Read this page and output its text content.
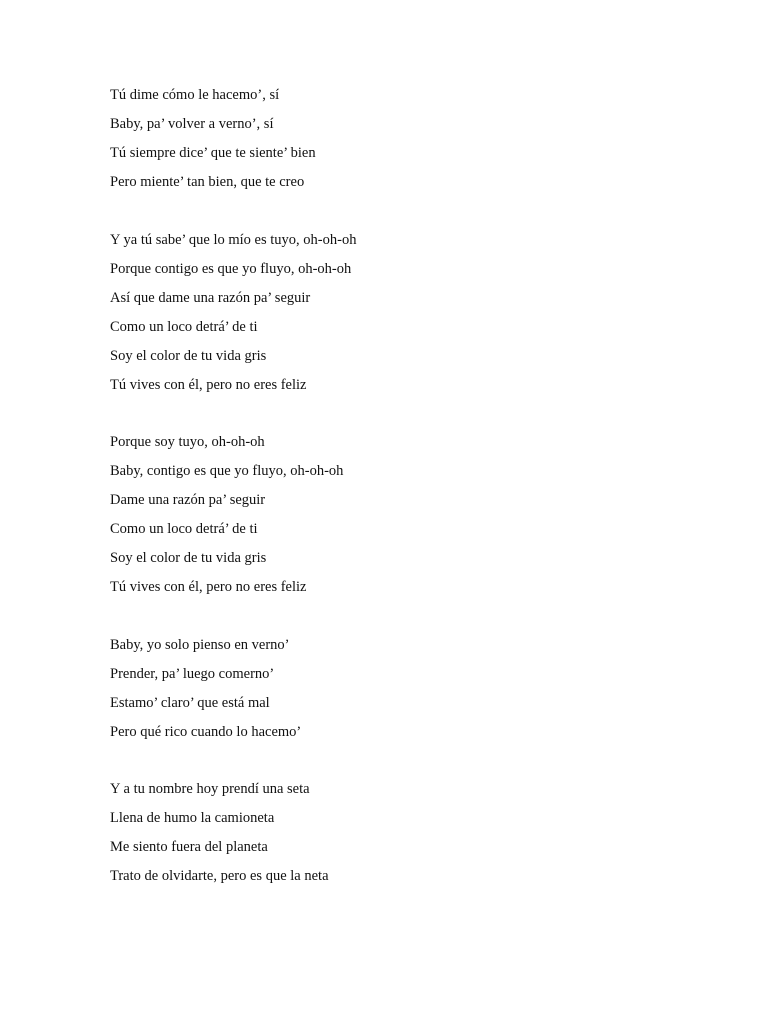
Tú dime cómo le hacemo’, sí
Baby, pa’ volver a verno’, sí
Tú siempre dice’ que te siente’ bien
Pero miente’ tan bien, que te creo
Y ya tú sabe’ que lo mío es tuyo, oh-oh-oh
Porque contigo es que yo fluyo, oh-oh-oh
Así que dame una razón pa’ seguir
Como un loco detrá’ de ti
Soy el color de tu vida gris
Tú vives con él, pero no eres feliz
Porque soy tuyo, oh-oh-oh
Baby, contigo es que yo fluyo, oh-oh-oh
Dame una razón pa’ seguir
Como un loco detrá’ de ti
Soy el color de tu vida gris
Tú vives con él, pero no eres feliz
Baby, yo solo pienso en verno’
Prender, pa’ luego comerno’
Estamo’ claro’ que está mal
Pero qué rico cuando lo hacemo’
Y a tu nombre hoy prendí una seta
Llena de humo la camioneta
Me siento fuera del planeta
Trato de olvidarte, pero es que la neta
